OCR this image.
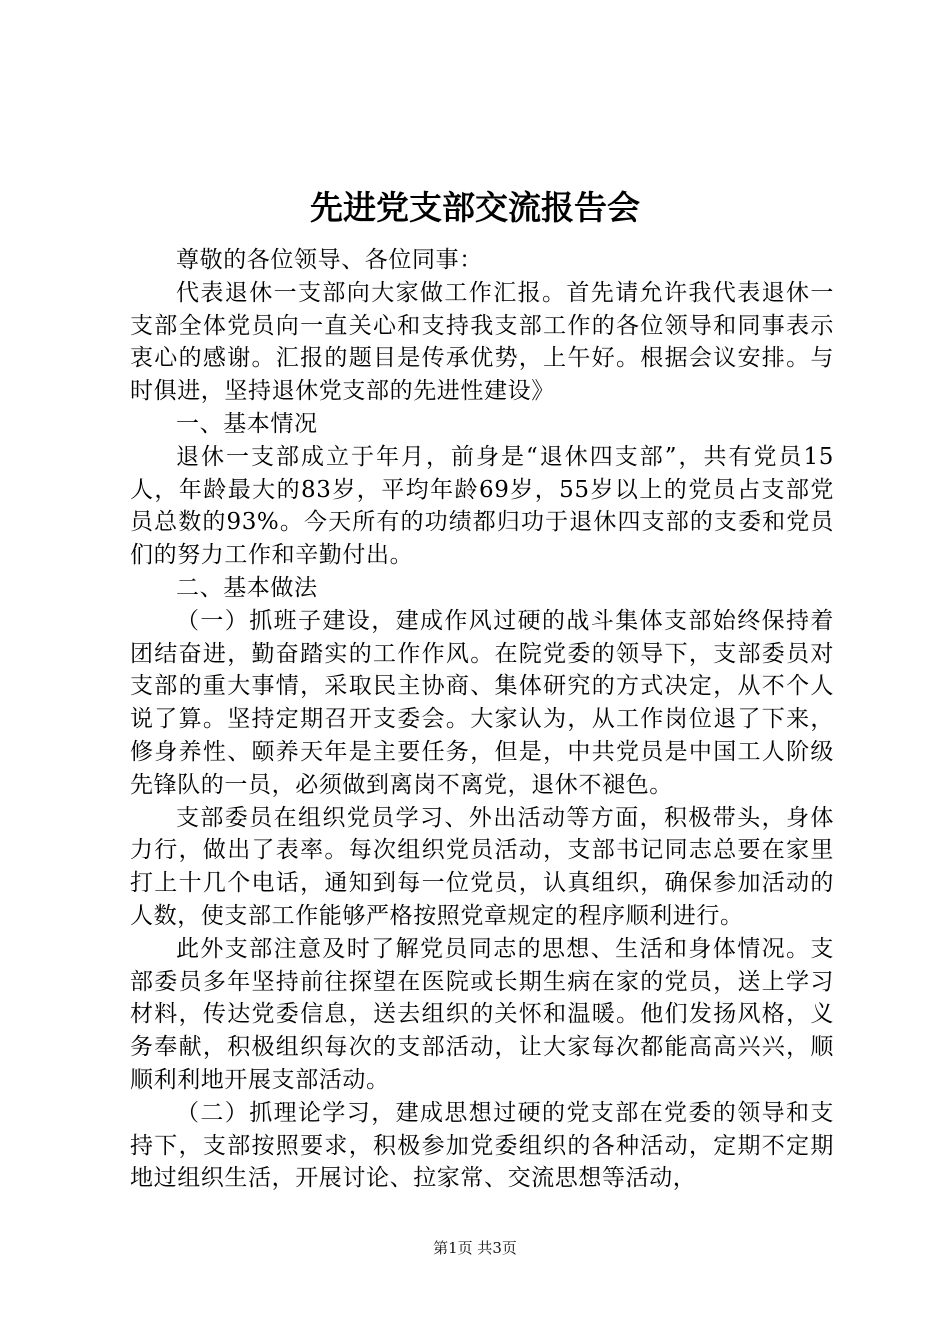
先进党支部交流报告会

尊敬的各位领导、各位同事：

代表退休一支部向大家做工作汇报。首先请允许我代表退休一支部全体党员向一直关心和支持我支部工作的各位领导和同事表示衷心的感谢。汇报的题目是传承优势，上午好。根据会议安排。与时俱进，坚持退休党支部的先进性建设》

一、基本情况

退休一支部成立于年月，前身是“退休四支部”，共有党员15人，年龄最大的83岁，平均年龄69岁，55岁以上的党员占支部党员总数的93%。今天所有的功绩都归功于退休四支部的支委和党员们的努力工作和辛勤付出。

二、基本做法

（一）抓班子建设，建成作风过硬的战斗集体支部始终保持着团结奋进，勤奋踏实的工作作风。在院党委的领导下，支部委员对支部的重大事情，采取民主协商、集体研究的方式决定，从不个人说了算。坚持定期召开支委会。大家认为，从工作岗位退了下来，修身养性、颐养天年是主要任务，但是，中共党员是中国工人阶级先锋队的一员，必须做到离岗不离党，退休不褪色。

支部委员在组织党员学习、外出活动等方面，积极带头，身体力行，做出了表率。每次组织党员活动，支部书记同志总要在家里打上十几个电话，通知到每一位党员，认真组织，确保参加活动的人数，使支部工作能够严格按照党章规定的程序顺利进行。

此外支部注意及时了解党员同志的思想、生活和身体情况。支部委员多年坚持前往探望在医院或长期生病在家的党员，送上学习材料，传达党委信息，送去组织的关怀和温暖。他们发扬风格，义务奉献，积极组织每次的支部活动，让大家每次都能高高兴兴，顺顺利利地开展支部活动。

（二）抓理论学习，建成思想过硬的党支部在党委的领导和支持下，支部按照要求，积极参加党委组织的各种活动，定期不定期地过组织生活，开展讨论、拉家常、交流思想等活动，

第1页 共3页
